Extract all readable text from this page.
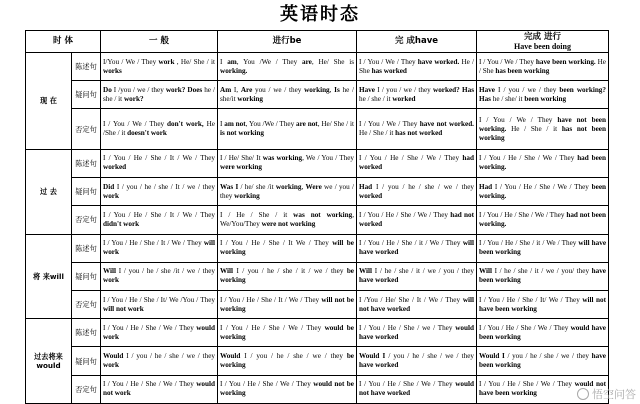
英语时态
时 体		一 般	进行be	完 成have	完成 进行
Have been doing

现 在	陈述句	I/You / We / They work , He/ She / it works	I am, You /We / They are, He/ She is working.	I / You / We / They have worked. He / She has worked	I / You / We / They have been working. He / She has been working
	疑问句	Do I /you / we / they work? Does he / she / it work?	Am I, Are you / we / they working, Is he / she/it working	Have I / you / we / they worked? Has he / she / it worked	Have I / you / we / they been working? Has he / she/ it been working
	否定句	I / You / We / They don't work, He /She / it doesn't work	I am not, You /We / They are not, He/ She / it is not working	I / You / We / They have not worked. He / She / it has not worked	I / You / We / They have not been working. He / She / it has not been working
过 去	陈述句	I / You / He / She / It / We / They worked	I / He/ She/ It was working, We / You / They were working	I / You / He / She / We / They had worked	I / You / He / She / We / They had been working.
	疑问句	Did I / you / he / she / It / we / they work	Was I / he/ she /it working, Were we / you / they working	Had I / you / he / she / we / they worked	Had I / You / He / She / We / They been working.
	否定句	I / You / He / She / It / We / They didn't work	I / He / She / it was not working, We/You/They were not working	I / You / He / She / We / They had not worked	I / You / He / She / We / They had not been working.
将 来will	陈述句	I / You / He / She / It / We / They will work	I / You / He / She / It We / They will be working	I / You / He / She / it / We / They will have worked	I / You / He / She / it / We / They will have been working
	疑问句	Will I / you / he / she /it / we / they work	Will I / you / he / she / it / we / they be working	Will I / he / she / it / we / you / they have worked	Will I / he / she / it / we / you/ they have been working
	否定句	I / You / He / She / It/ We /You / They will not work	I / You / He / She / It / We / They will not be working	I /You / He/ She / It / We / They will not have worked	I / You / He / She / It/ We / They will not have been working
过去将来would	陈述句	I / You / He / She / We / They would work	I / You / He / She / We / They would be working	I / You / He / She / we / They would have worked	I / You / He / She / We / They would have been working
	疑问句	Would I / you / he / she / we / they work	Would I / you / he / she / we / they be working	Would I / you / he / she / we / they have worked	Would I / you / he / she / we / they have been working
	否定句	I / You / He / She / We / They would not work	I / You / He / She / We / They would not be working	I / You / He / She / We / They would not have worked	I / You / He / She / We / They would not have been working	悟空问答
